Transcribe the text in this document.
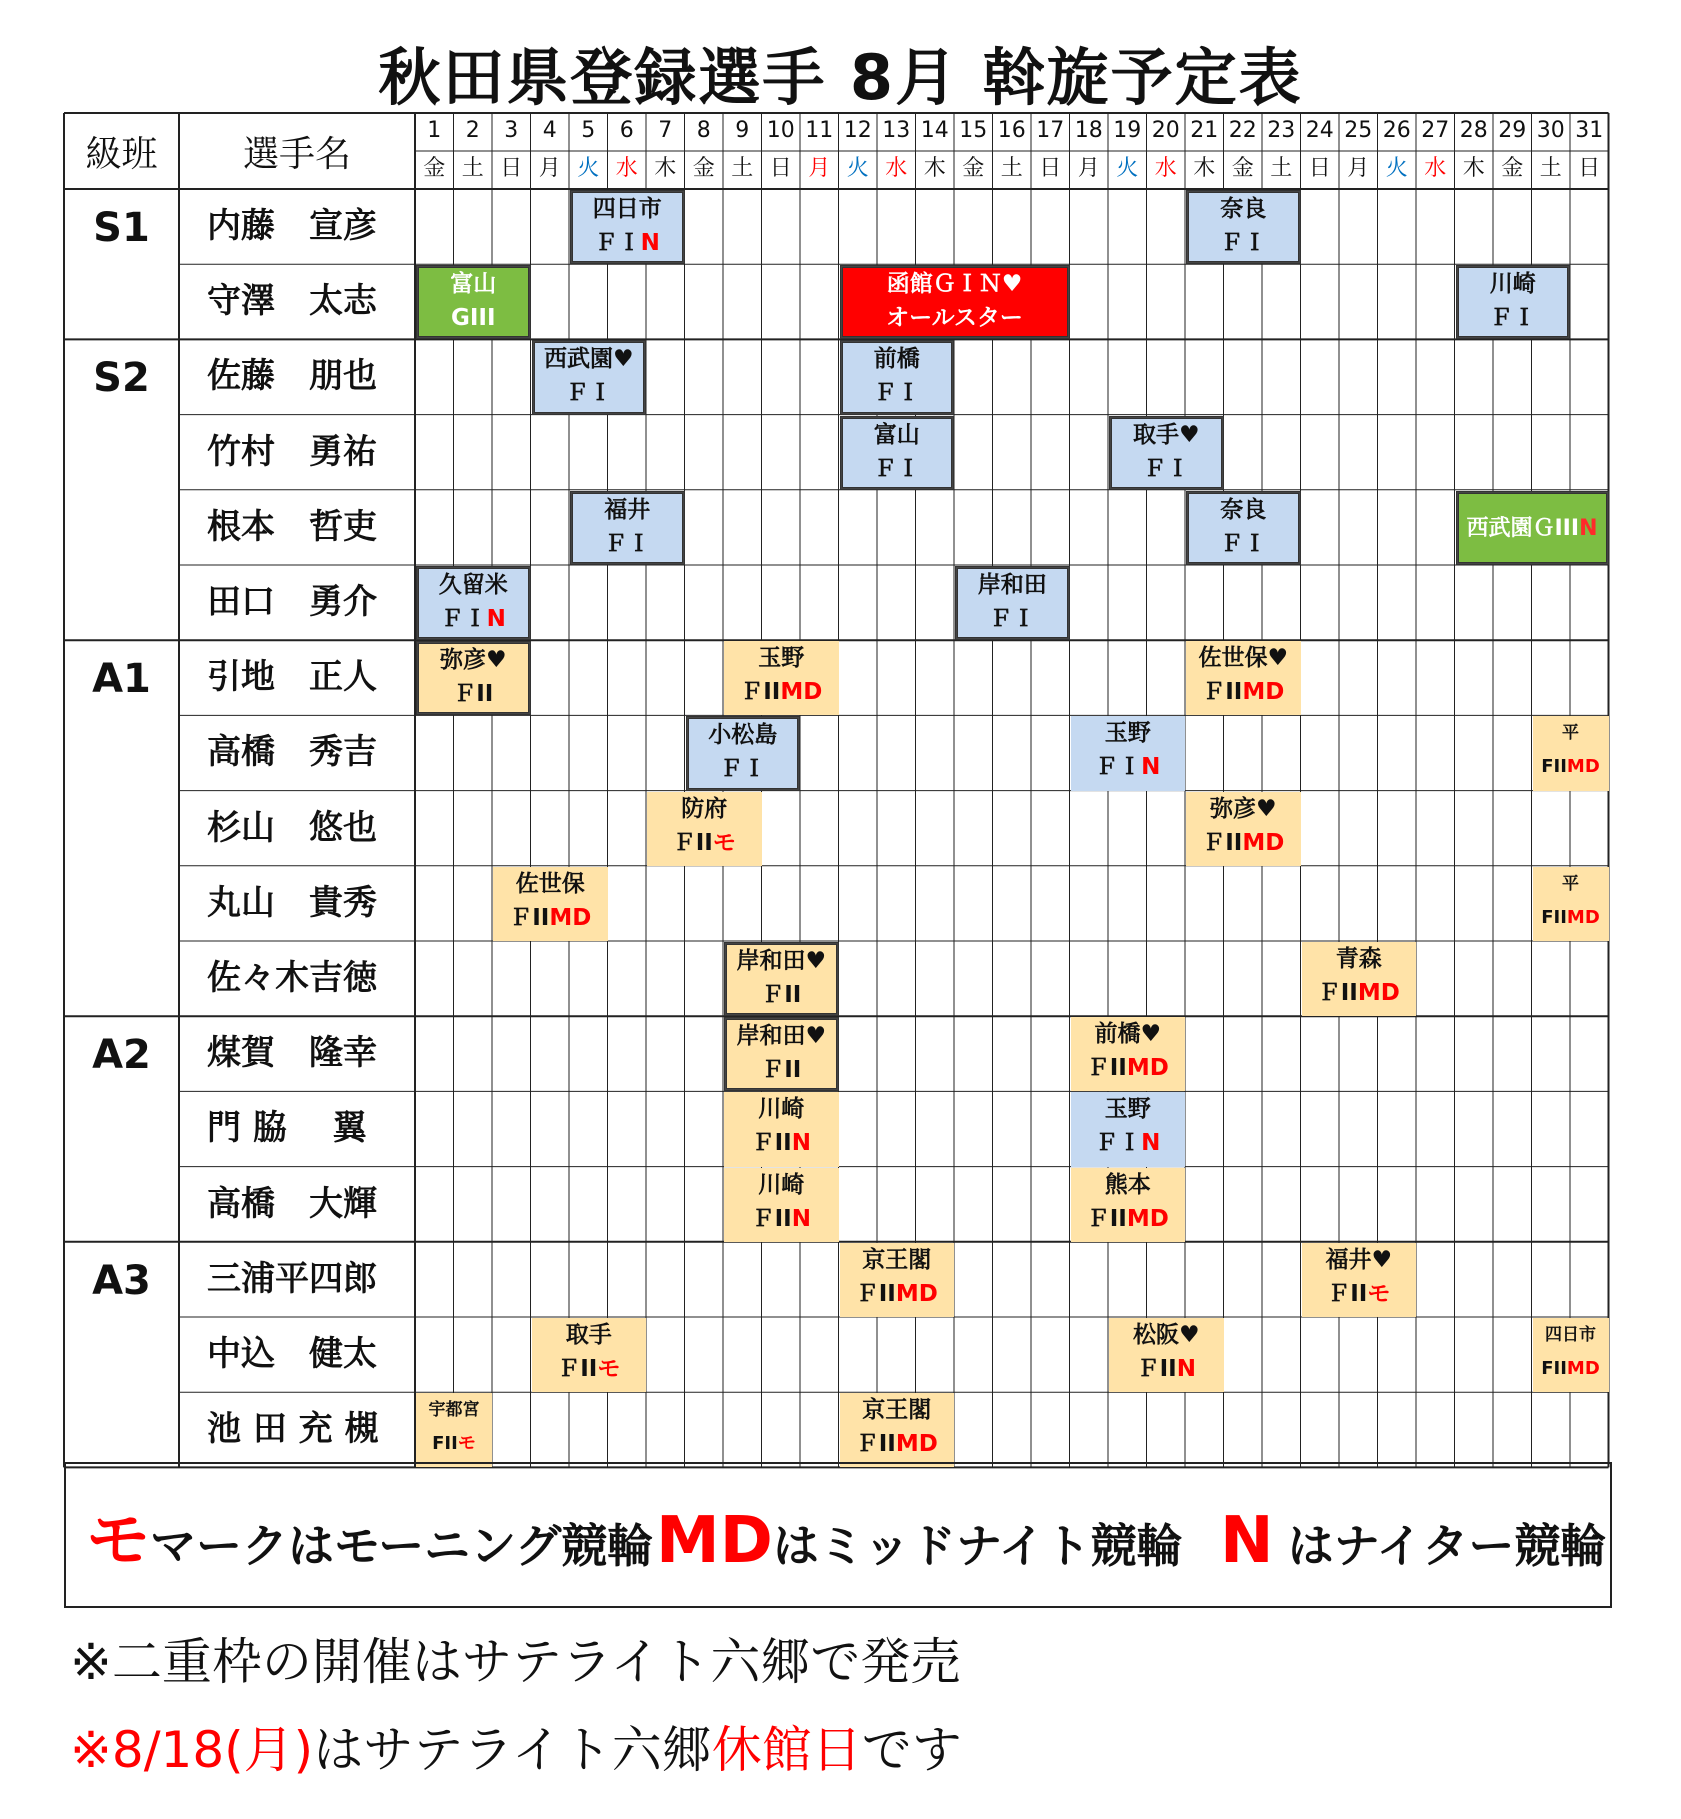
秋田県登録選手 8月 斡旋予定表
級班	選手名
1
金
2
土
3
日
4
月
5
火
6
水
7
木
8
金
9
土
10
日
11
月
12
火
13
水
14
木
15
金
16
土
17
日
18
月
19
火
20
水
21
木
22
金
23
土
24
日
25
月
26
火
27
水
28
木
29
金
30
土
31
日
S1
S2
A1
A2
A3
内藤　宣彦
守澤　太志
佐藤　朋也
竹村　勇祐
根本　哲吏
田口　勇介
引地　正人
高橋　秀吉
杉山　悠也
丸山　貴秀
佐々木吉徳
煤賀　隆幸
門 脇　 翼
高橋　大輝
三浦平四郎
中込　健太
池 田 充 槻
四日市
ＦＩN
奈良
ＦＩ
富山
GIII
函館ＧＩＮ♥
オールスター
川崎
ＦＩ
西武園♥
ＦＩ
前橋
ＦＩ
富山
ＦＩ
取手♥
ＦＩ
福井
ＦＩ
奈良
ＦＩ
西武園ＧIIIN
久留米
ＦＩN
岸和田
ＦＩ
弥彦♥
ＦII
玉野
ＦIIMD
佐世保♥
ＦIIMD
小松島
ＦＩ
玉野
ＦＩN
平
FIIMD
防府
ＦIIモ
弥彦♥
ＦIIMD
佐世保
ＦIIMD
平
FIIMD
岸和田♥
ＦII
青森
ＦIIMD
岸和田♥
ＦII
前橋♥
ＦIIMD
川崎
ＦIIN
玉野
ＦＩN
川崎
ＦIIN
熊本
ＦIIMD
京王閣
ＦIIMD
福井♥
ＦIIモ
取手
ＦIIモ
松阪♥
ＦIIN
四日市
FIIMD
宇都宮
FIIモ
京王閣
ＦIIMD
モマークはモーニング競輪 MDはミッドナイト競輪 N はナイター競輪
※二重枠の開催はサテライト六郷で発売
※8/18(月)はサテライト六郷休館日です
